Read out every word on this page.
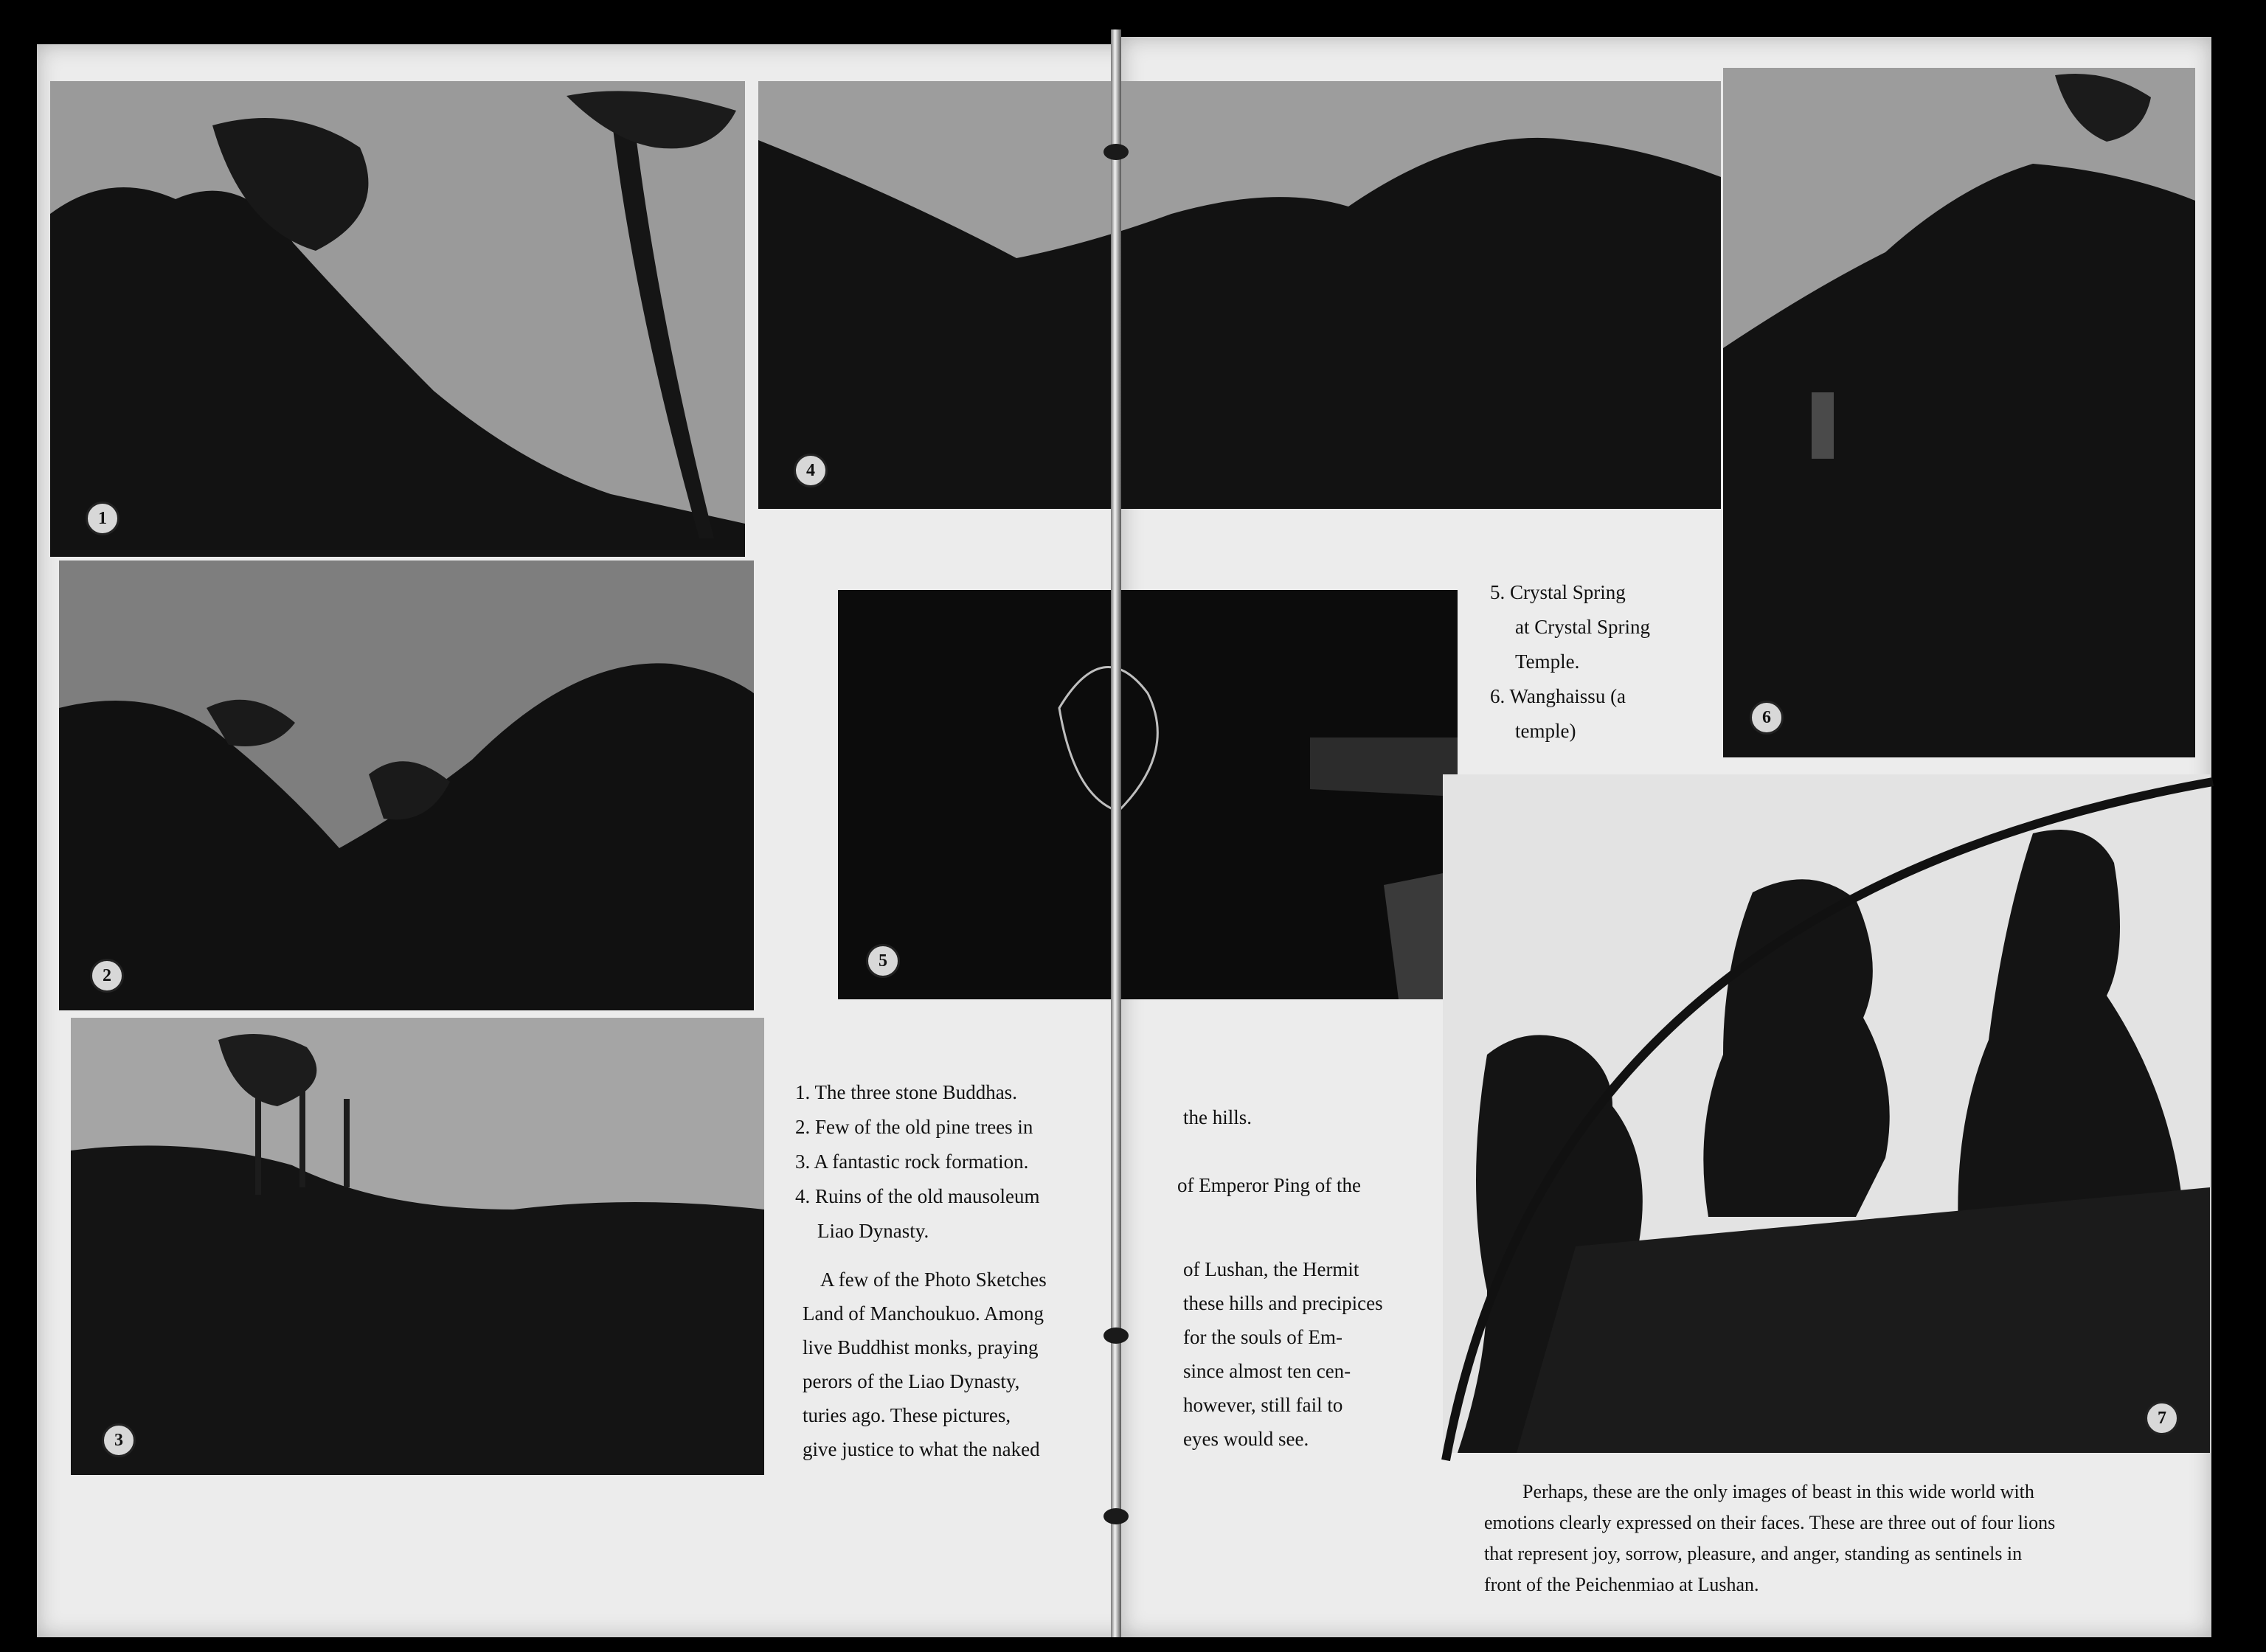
1
2
3
4
5
6
7
1. The three stone Buddhas.
2. Few of the old pine trees in
3. A fantastic rock formation.
4. Ruins of the old mausoleum
Liao Dynasty.
A few of the Photo Sketches
Land of Manchoukuo. Among
live Buddhist monks, praying
perors of the Liao Dynasty,
turies ago. These pictures,
give justice to what the naked
the hills.
of Emperor Ping of the
of Lushan, the Hermit
these hills and precipices
for the souls of Em-
since almost ten cen-
however, still fail to
eyes would see.
5. Crystal Spring
at Crystal Spring
Temple.
6. Wanghaissu (a
temple)
Perhaps, these are the only images of beast in this wide world with
emotions clearly expressed on their faces. These are three out of four lions
that represent joy, sorrow, pleasure, and anger, standing as sentinels in
front of the Peichenmiao at Lushan.
